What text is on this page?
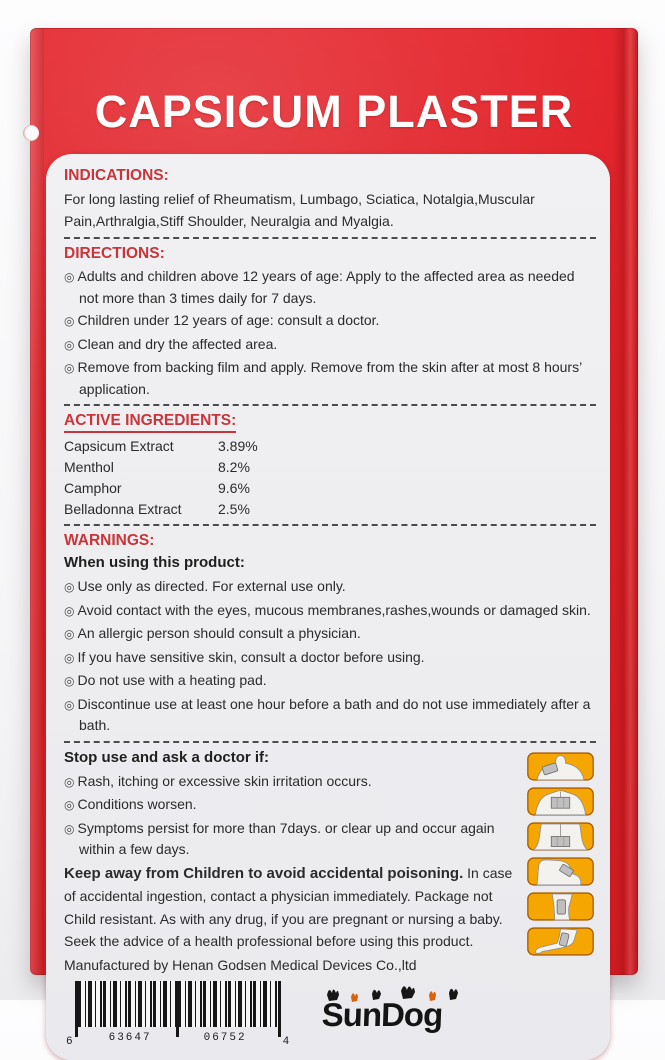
CAPSICUM PLASTER
INDICATIONS:

For long lasting relief of Rheumatism, Lumbago, Sciatica, Notalgia,Muscular Pain,Arthralgia,Stiff Shoulder, Neuralgia and Myalgia.

DIRECTIONS:
◎ Adults and children above 12 years of age: Apply to the affected area as needed not more than 3 times daily for 7 days.
◎ Children under 12 years of age: consult a doctor.
◎ Clean and dry the affected area.
◎ Remove from backing film and apply. Remove from the skin after at most 8 hours’ application.
ACTIVE INGREDIENTS:
Capsicum Extract	3.89%
Menthol	8.2%
Camphor	9.6%
Belladonna Extract	2.5%
WARNINGS:
When using this product:
◎ Use only as directed. For external use only.
◎ Avoid contact with the eyes, mucous membranes,rashes,wounds or damaged skin.
◎ An allergic person should consult a physician.
◎ If you have sensitive skin, consult a doctor before using.
◎ Do not use with a heating pad.
◎ Discontinue use at least one hour before a bath and do not use immediately after a bath.
Stop use and ask a doctor if:
◎ Rash, itching or excessive skin irritation occurs.
◎ Conditions worsen.
◎ Symptoms persist for more than 7days. or clear up and occur again within a few days.

Keep away from Children to avoid accidental poisoning. In case of accidental ingestion, contact a physician immediately. Package not Child resistant. As with any drug, if you are pregnant or nursing a baby. Seek the advice of a health professional before using this product.

Manufactured by Henan Godsen Medical Devices Co.,ltd

6	63647	06752	4
SunDog
